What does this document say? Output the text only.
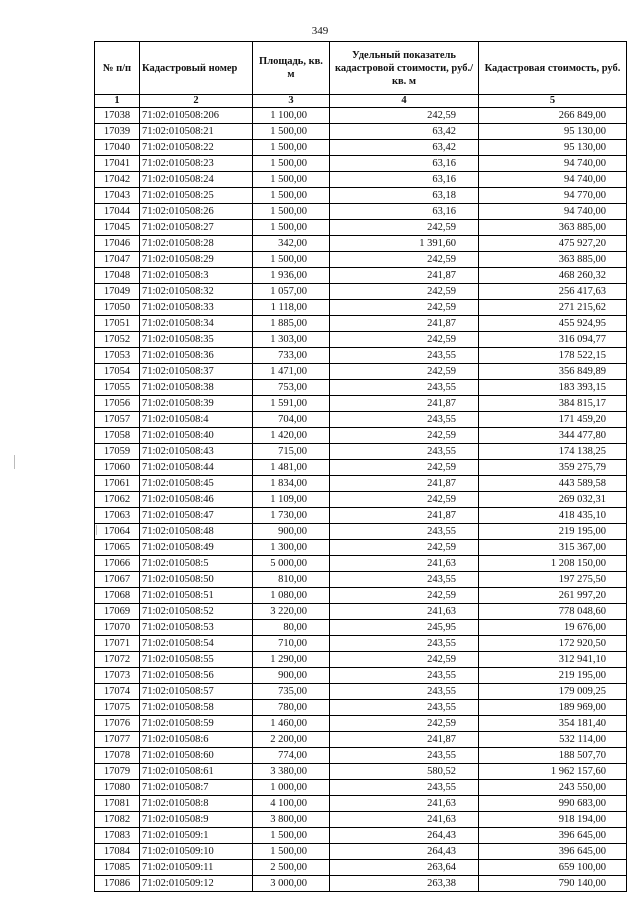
349
№ п/п	Кадастровый номер	Площадь, кв. м	Удельный показатель кадастровой стоимости, руб./кв. м	Кадастровая стоимость, руб.
1	2	3	4	5
17038	71:02:010508:206	1 100,00	242,59	266 849,00
17039	71:02:010508:21	1 500,00	63,42	95 130,00
17040	71:02:010508:22	1 500,00	63,42	95 130,00
17041	71:02:010508:23	1 500,00	63,16	94 740,00
17042	71:02:010508:24	1 500,00	63,16	94 740,00
17043	71:02:010508:25	1 500,00	63,18	94 770,00
17044	71:02:010508:26	1 500,00	63,16	94 740,00
17045	71:02:010508:27	1 500,00	242,59	363 885,00
17046	71:02:010508:28	342,00	1 391,60	475 927,20
17047	71:02:010508:29	1 500,00	242,59	363 885,00
17048	71:02:010508:3	1 936,00	241,87	468 260,32
17049	71:02:010508:32	1 057,00	242,59	256 417,63
17050	71:02:010508:33	1 118,00	242,59	271 215,62
17051	71:02:010508:34	1 885,00	241,87	455 924,95
17052	71:02:010508:35	1 303,00	242,59	316 094,77
17053	71:02:010508:36	733,00	243,55	178 522,15
17054	71:02:010508:37	1 471,00	242,59	356 849,89
17055	71:02:010508:38	753,00	243,55	183 393,15
17056	71:02:010508:39	1 591,00	241,87	384 815,17
17057	71:02:010508:4	704,00	243,55	171 459,20
17058	71:02:010508:40	1 420,00	242,59	344 477,80
17059	71:02:010508:43	715,00	243,55	174 138,25
17060	71:02:010508:44	1 481,00	242,59	359 275,79
17061	71:02:010508:45	1 834,00	241,87	443 589,58
17062	71:02:010508:46	1 109,00	242,59	269 032,31
17063	71:02:010508:47	1 730,00	241,87	418 435,10
17064	71:02:010508:48	900,00	243,55	219 195,00
17065	71:02:010508:49	1 300,00	242,59	315 367,00
17066	71:02:010508:5	5 000,00	241,63	1 208 150,00
17067	71:02:010508:50	810,00	243,55	197 275,50
17068	71:02:010508:51	1 080,00	242,59	261 997,20
17069	71:02:010508:52	3 220,00	241,63	778 048,60
17070	71:02:010508:53	80,00	245,95	19 676,00
17071	71:02:010508:54	710,00	243,55	172 920,50
17072	71:02:010508:55	1 290,00	242,59	312 941,10
17073	71:02:010508:56	900,00	243,55	219 195,00
17074	71:02:010508:57	735,00	243,55	179 009,25
17075	71:02:010508:58	780,00	243,55	189 969,00
17076	71:02:010508:59	1 460,00	242,59	354 181,40
17077	71:02:010508:6	2 200,00	241,87	532 114,00
17078	71:02:010508:60	774,00	243,55	188 507,70
17079	71:02:010508:61	3 380,00	580,52	1 962 157,60
17080	71:02:010508:7	1 000,00	243,55	243 550,00
17081	71:02:010508:8	4 100,00	241,63	990 683,00
17082	71:02:010508:9	3 800,00	241,63	918 194,00
17083	71:02:010509:1	1 500,00	264,43	396 645,00
17084	71:02:010509:10	1 500,00	264,43	396 645,00
17085	71:02:010509:11	2 500,00	263,64	659 100,00
17086	71:02:010509:12	3 000,00	263,38	790 140,00
